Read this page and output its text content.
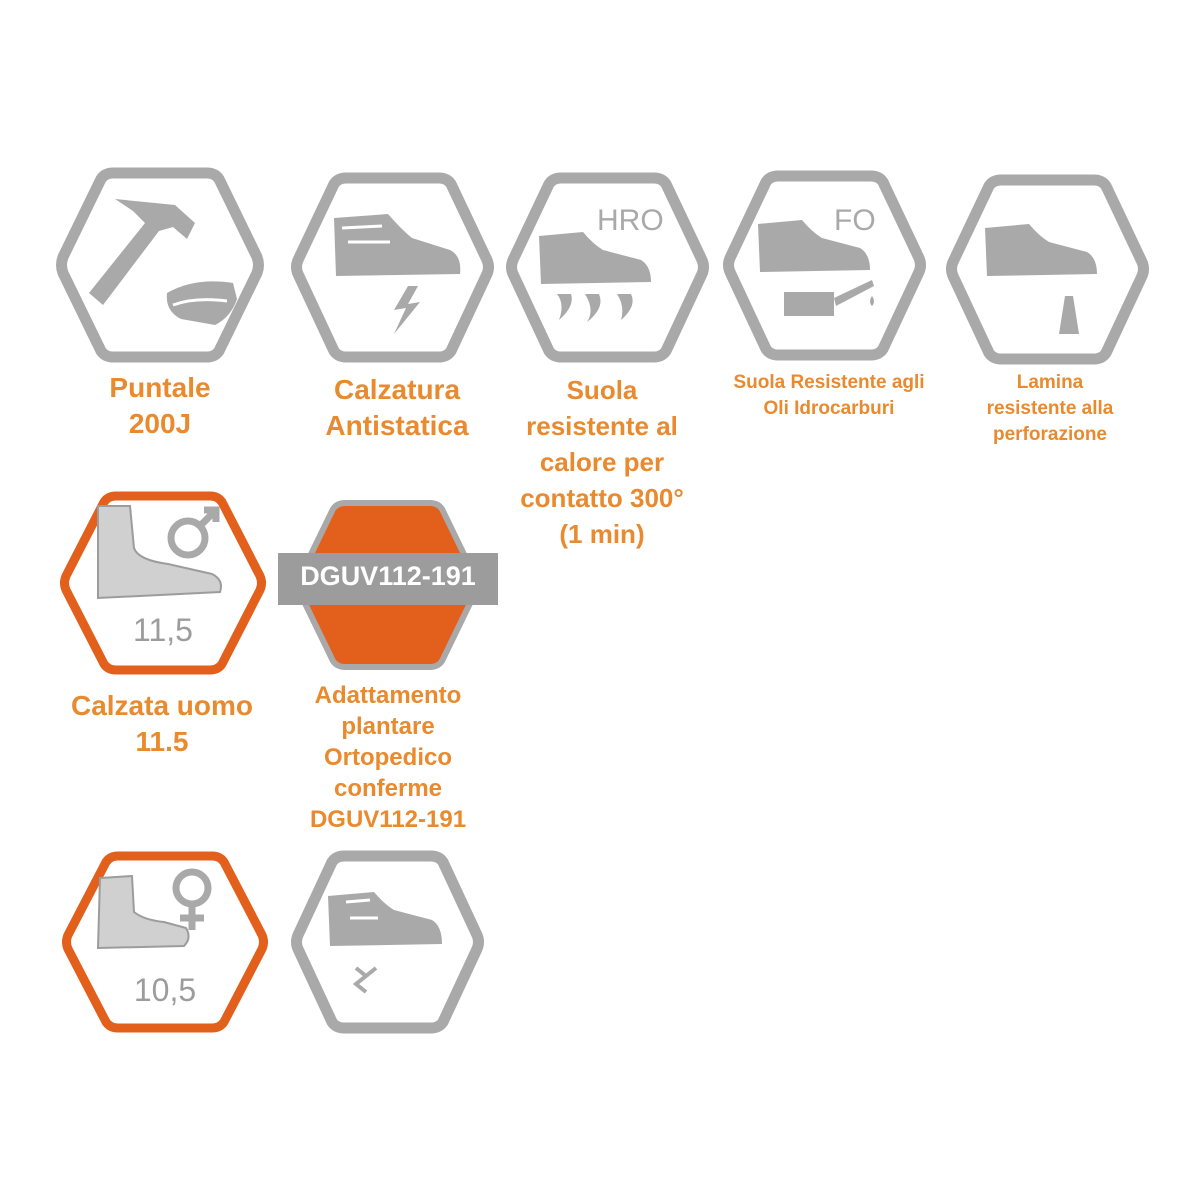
Puntale
200J
Calzatura
Antistatica
HRO
Suola
resistente al
calore per
contatto 300°
(1 min)
FO
Suola Resistente agli
Oli Idrocarburi
Lamina
resistente alla
perforazione
11,5
Calzata uomo
11.5
DGUV112-191
Adattamento
plantare
Ortopedico
conferme
DGUV112-191
10,5
